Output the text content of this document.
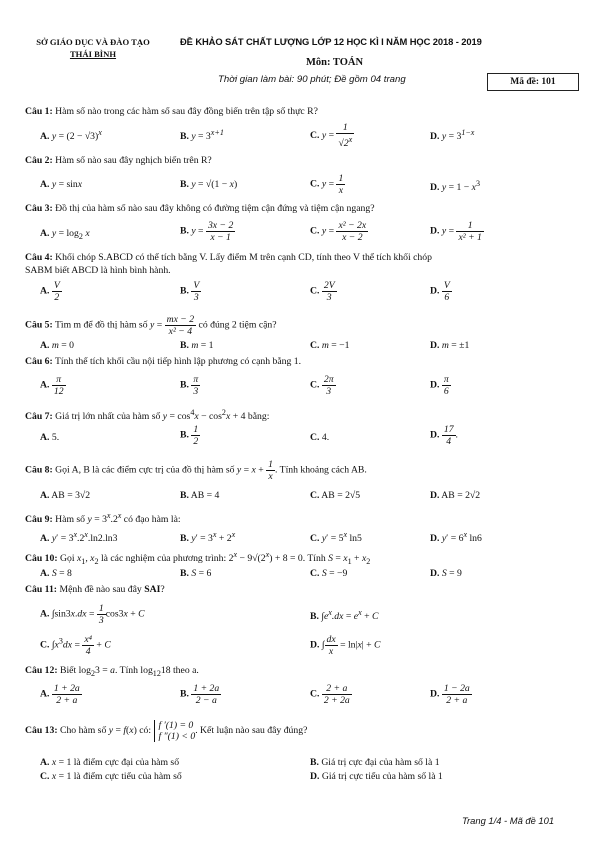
SỞ GIÁO DỤC VÀ ĐÀO TẠO
THÁI BÌNH
ĐỀ KHẢO SÁT CHẤT LƯỢNG LỚP 12 HỌC KÌ I NĂM HỌC 2018 - 2019
Môn: TOÁN
Thời gian làm bài: 90 phút; Đề gồm 04 trang	Mã đề: 101
Câu 1: Hàm số nào trong các hàm số sau đây đồng biến trên tập số thực R?
A. $y = (2 - √3)^x$	B. $y = 3^{x+1}$	C. $y = \frac{1}{√2^x}$	D. $y = 3^{1-x}$
Câu 2: Hàm số nào sau đây nghịch biến trên R?
A. y = sinx	B. y = √(1 − x)	C. $y = \frac{1}{x}$	D. $y = 1 - x^3$
Câu 3: Đồ thị của hàm số nào sau đây không có đường tiệm cận đứng và tiệm cận ngang?
A. $y = \log_2 x$	B. $y = \frac{3x - 2}{x - 1}$	C. $y = \frac{\text{x² − 2x}}{x - 2}$	D. $y = \frac{1}{\text{x² + 1}}$
Câu 4: Khối chóp S.ABCD có thể tích bằng V. Lấy điểm M trên cạnh CD, tính theo V thể tích khối chóp
SABM biết ABCD là hình bình hành.
A. $\frac{V}{2}$	B. $\frac{V}{3}$	C. $\frac{2V}{3}$	D. $\frac{V}{6}$
Câu 5: Tìm m để đồ thị hàm số $y = \frac{mx - 2}{\text{x² − 4}}$ có đúng 2 tiệm cận?
A. m = 0	B. m = 1	C. m = −1	D. m = ±1
Câu 6: Tính thể tích khối cầu nội tiếp hình lập phương có cạnh bằng 1.
A. $\frac{\pi}{12}$	B. $\frac{\pi}{3}$	C. $\frac{2\pi}{3}$	D. $\frac{\pi}{6}$
Câu 7: Giá trị lớn nhất của hàm số $y = \cos^4x - \cos^2x + 4$ bằng:
A. 5.	B. $\frac{1}{2}$	C. 4.	D. $\frac{17}{4}$ .
Câu 8: Gọi A, B là các điểm cực trị của đồ thị hàm số $y = x + \frac{1}{x}$ . Tính khoảng cách AB.
A. AB = 3√2	B. AB = 4	C. AB = 2√5	D. AB = 2√2
Câu 9: Hàm số $y = 3^x.2^x$ có đạo hàm là:
A. $y' = 3^x.2^x.\ln 2.\ln 3$	B. $y' = 3^x + 2^x$	C. $y' = 5^x$ ln5	D. $y' = 6^x$ ln6
Câu 10: Gọi $x_1$, $x_2$ là các nghiệm của phương trình: $2^x - 9√(2^x) + 8 = 0$. Tính $S = x_1 + x_2$
A. S = 8	B. S = 6	C. S = −9	D. S = 9
Câu 11: Mệnh đề nào sau đây SAI?
A. $\int\sin 3x.dx = \frac{1}{3} \cos 3x + C$	B. $\int e^x.dx = e^x + C$
C. $\int x^3dx = \frac{\text{x⁴}}{4} + C$	D. ∫ $\frac{dx}{x} = \ln|x| + C$
Câu 12: Biết $\log_23 = a$. Tính $\log_{12}18$ theo a.
A. $\frac{1 + 2a}{2 + a}$	B. $\frac{1 + 2a}{2 - a}$	C. $\frac{2 + a}{2 + 2a}$	D. $\frac{1 - 2a}{2 + a}$
Câu 13: Cho hàm số y = f(x) có: f ′(1) = 0
f ″(1) < 0
. Kết luận nào sau đây đúng?
A. x = 1 là điểm cực đại của hàm số	B. Giá trị cực đại của hàm số là 1
C. x = 1 là điểm cực tiểu của hàm số	D. Giá trị cực tiểu của hàm số là 1
Trang 1/4 - Mã đề 101
